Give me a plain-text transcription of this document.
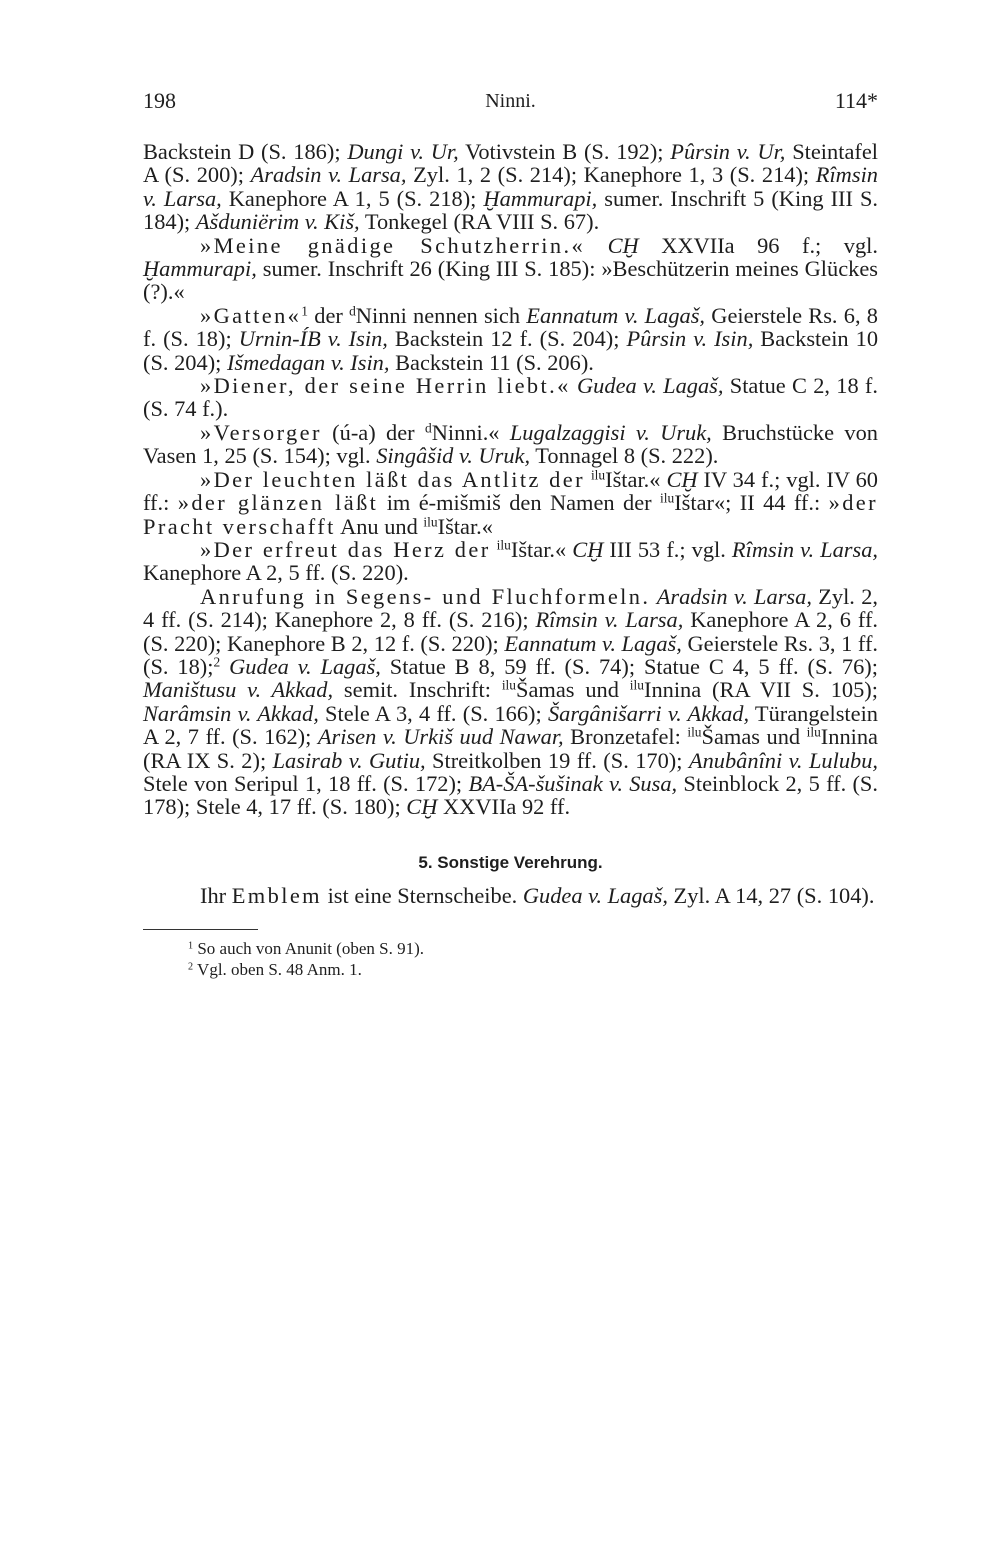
198	Ninni.	114*

Backstein D (S. 186); Dungi v. Ur, Votivstein B (S. 192); Pûrsin v. Ur, Steintafel A (S. 200); Aradsin v. Larsa, Zyl. 1, 2 (S. 214); Kanephore 1, 3 (S. 214); Rîmsin v. Larsa, Kanephore A 1, 5 (S. 218); Ḫammurapi, sumer. Inschrift 5 (King III S. 184); Ašduniërim v. Kiš, Tonkegel (RA VIII S. 67).

»Meine gnädige Schutzherrin.« CḪ XXVIIa 96 f.; vgl. Ḫammurapi, sumer. Inschrift 26 (King III S. 185): »Beschützerin meines Glückes (?).«

»Gatten«$^1$ der $^d$Ninni nennen sich Eannatum v. Lagaš, Geierstele Rs. 6, 8 f. (S. 18); Urnin-ÍB v. Isin, Backstein 12 f. (S. 204); Pûrsin v. Isin, Backstein 10 (S. 204); Išmedagan v. Isin, Backstein 11 (S. 206).

»Diener, der seine Herrin liebt.« Gudea v. Lagaš, Statue C 2, 18 f. (S. 74 f.).

»Versorger (ú-a) der $^d$Ninni.« Lugalzaggisi v. Uruk, Bruchstücke von Vasen 1, 25 (S. 154); vgl. Singâšid v. Uruk, Tonnagel 8 (S. 222).

»Der leuchten läßt das Antlitz der $^{ilu}$Ištar.« CḪ IV 34 f.; vgl. IV 60 ff.: »der glänzen läßt im é-mišmiš den Namen der $^{ilu}$Ištar«; II 44 ff.: »der Pracht verschafft Anu und $^{ilu}$Ištar.«

»Der erfreut das Herz der $^{ilu}$Ištar.« CḪ III 53 f.; vgl. Rîmsin v. Larsa, Kanephore A 2, 5 ff. (S. 220).

Anrufung in Segens- und Fluchformeln. Aradsin v. Larsa, Zyl. 2, 4 ff. (S. 214); Kanephore 2, 8 ff. (S. 216); Rîmsin v. Larsa, Kanephore A 2, 6 ff. (S. 220); Kanephore B 2, 12 f. (S. 220); Eannatum v. Lagaš, Geierstele Rs. 3, 1 ff. (S. 18);$^2$ Gudea v. Lagaš, Statue B 8, 59 ff. (S. 74); Statue C 4, 5 ff. (S. 76); Maništusu v. Akkad, semit. Inschrift: $^{ilu}$Šamas und $^{ilu}$Innina (RA VII S. 105); Narâmsin v. Akkad, Stele A 3, 4 ff. (S. 166); Šargânišarri v. Akkad, Türangelstein A 2, 7 ff. (S. 162); Arisen v. Urkiš uud Nawar, Bronzetafel: $^{ilu}$Šamas und $^{ilu}$Innina (RA IX S. 2); Lasirab v. Gutiu, Streitkolben 19 ff. (S. 170); Anubânîni v. Lulubu, Stele von Seripul 1, 18 ff. (S. 172); BA-ŠA-šušinak v. Susa, Steinblock 2, 5 ff. (S. 178); Stele 4, 17 ff. (S. 180); CḪ XXVIIa 92 ff.

5. Sonstige Verehrung.

Ihr Emblem ist eine Sternscheibe. Gudea v. Lagaš, Zyl. A 14, 27 (S. 104).

$^1$ So auch von Anunit (oben S. 91).
$^2$ Vgl. oben S. 48 Anm. 1.
